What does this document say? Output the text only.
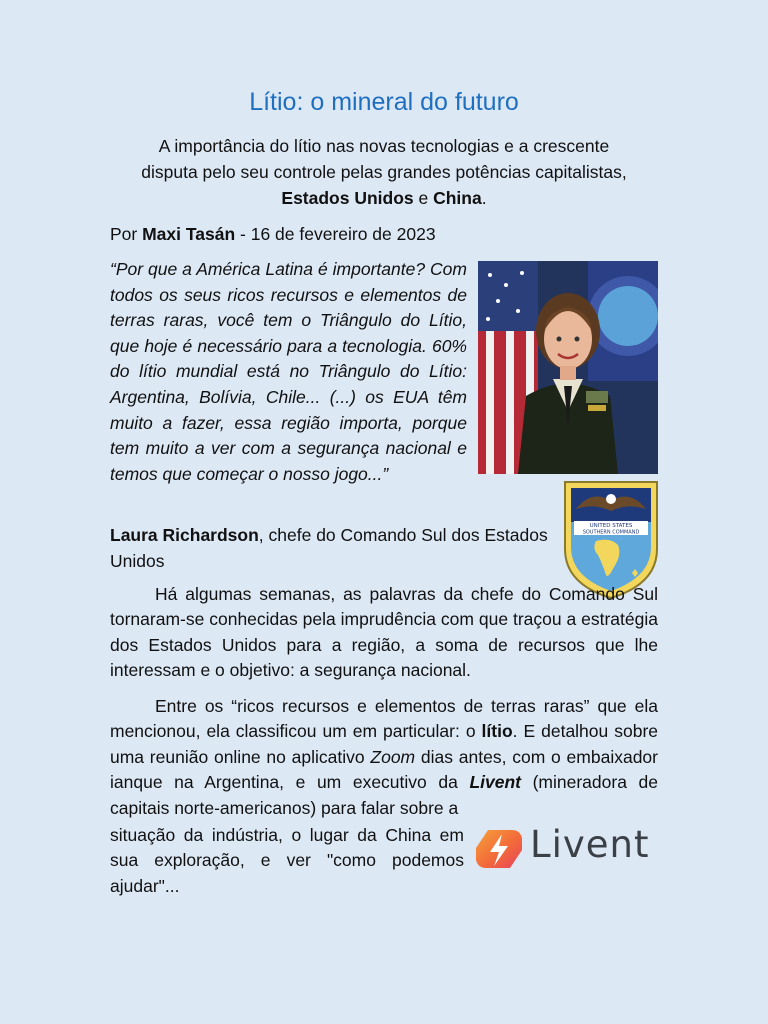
Lítio: o mineral do futuro

A importância do lítio nas novas tecnologias e a crescente
disputa pelo seu controle pelas grandes potências capitalistas,
Estados Unidos e China.

Por Maxi Tasán - 16 de fevereiro de 2023

“Por que a América Latina é importante? Com todos os seus ricos recursos e elementos de terras raras, você tem o Triângulo do Lítio, que hoje é necessário para a tecnologia. 60% do lítio mundial está no Triângulo do Lítio: Argentina, Bolívia, Chile... (...) os EUA têm muito a fazer, essa região importa, porque tem muito a ver com a segurança nacional e temos que começar o nosso jogo...”

UNITED STATES
SOUTHERN COMMAND

Laura Richardson, chefe do Comando Sul dos Estados Unidos

Há algumas semanas, as palavras da chefe do Comando Sul tornaram-se conhecidas pela imprudência com que traçou a estratégia dos Estados Unidos para a região, a soma de recursos que lhe interessam e o objetivo: a segurança nacional.

Entre os “ricos recursos e elementos de terras raras” que ela mencionou, ela classificou um em particular: o lítio. E detalhou sobre uma reunião online no aplicativo Zoom dias antes, com o embaixador ianque na Argentina, e um executivo da Livent (mineradora de capitais norte-americanos) para falar sobre a

situação da indústria, o lugar da China em sua exploração, e ver "como podemos ajudar"...

Livent
